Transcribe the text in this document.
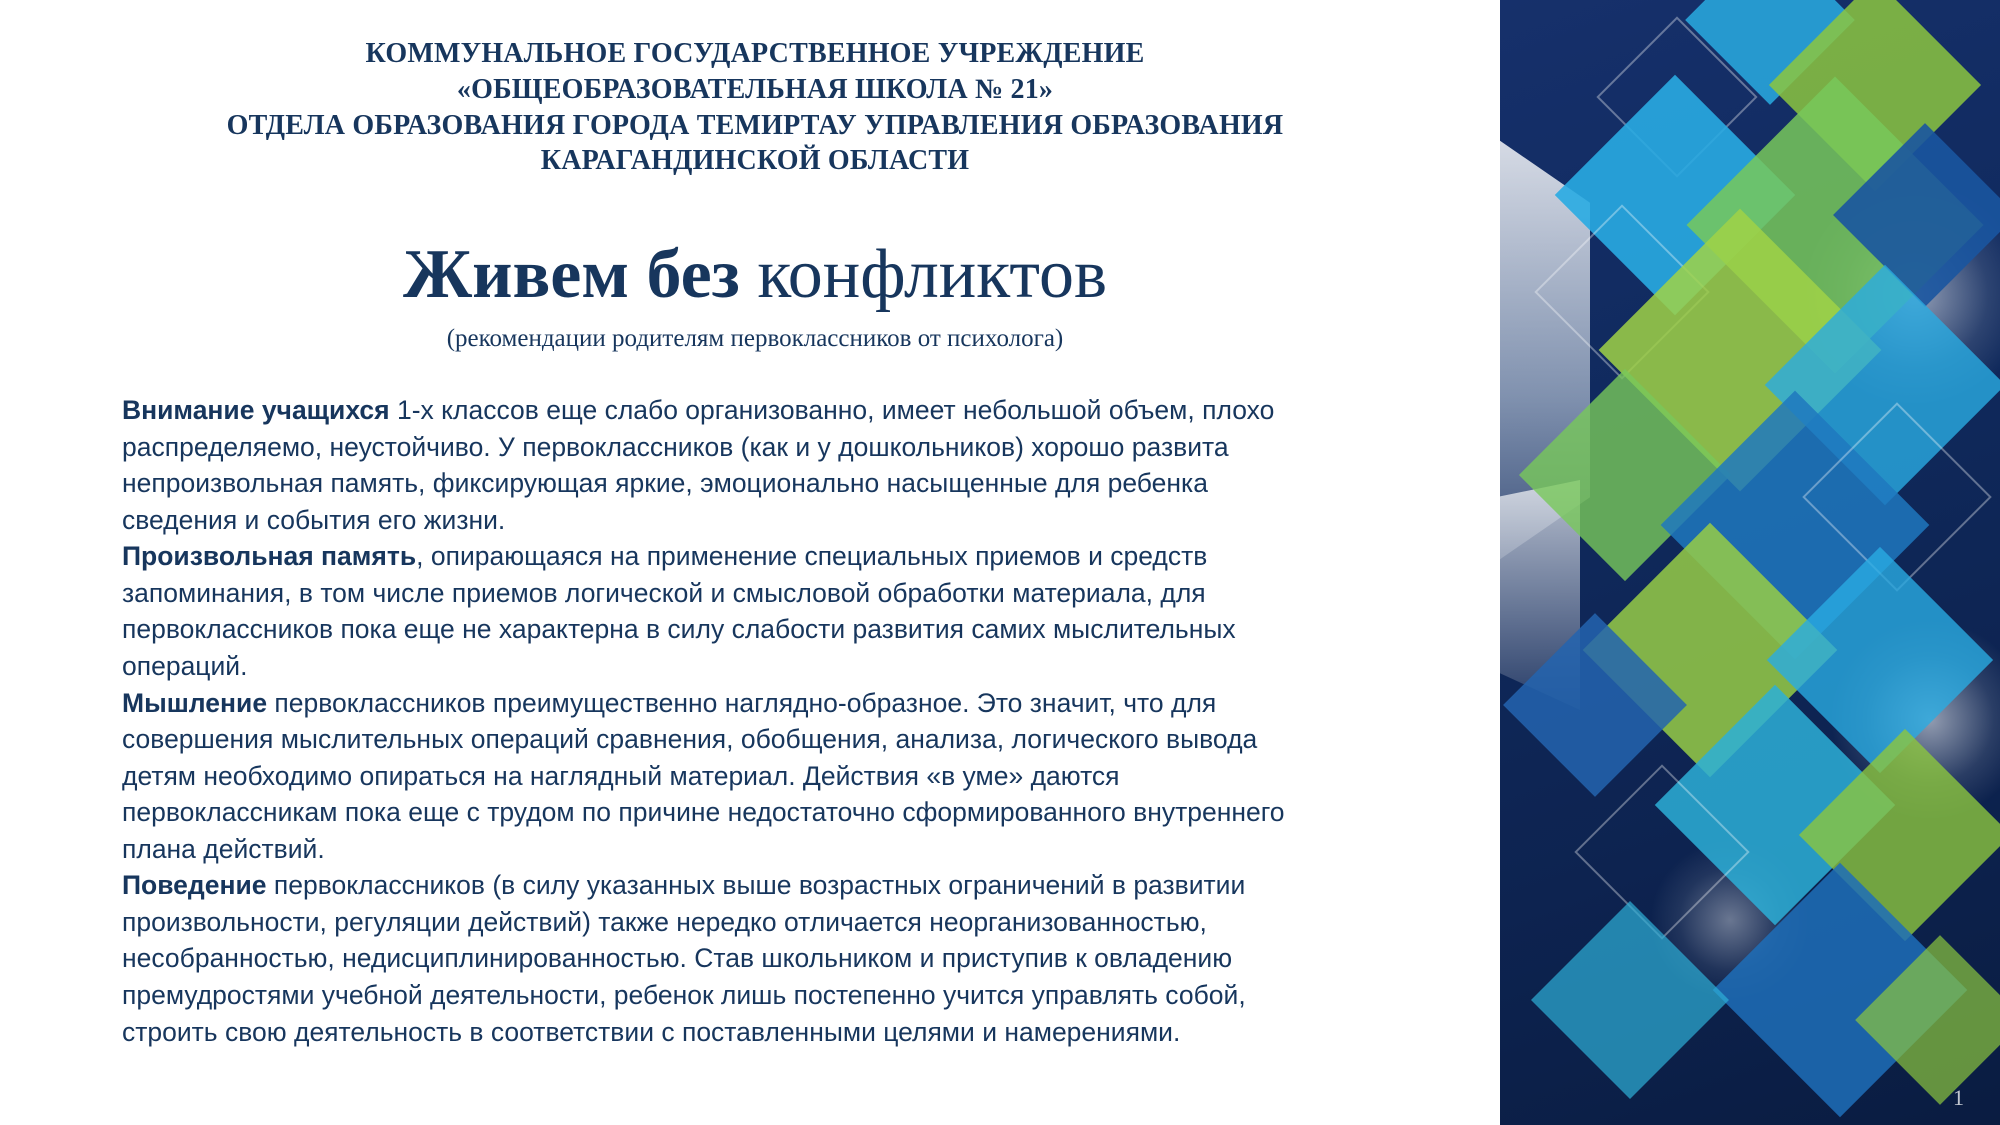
1
КОММУНАЛЬНОЕ ГОСУДАРСТВЕННОЕ УЧРЕЖДЕНИЕ
«ОБЩЕОБРАЗОВАТЕЛЬНАЯ ШКОЛА № 21»
ОТДЕЛА ОБРАЗОВАНИЯ ГОРОДА ТЕМИРТАУ УПРАВЛЕНИЯ ОБРАЗОВАНИЯ
КАРАГАНДИНСКОЙ ОБЛАСТИ
Живем без конфликтов
(рекомендации родителям первоклассников от психолога)

Внимание учащихся 1-х классов еще слабо организованно, имеет небольшой объем, плохо распределяемо, неустойчиво. У первоклассников (как и у дошкольников) хорошо развита непроизвольная память, фиксирующая яркие, эмоционально насыщенные для ребенка сведения и события его жизни.

Произвольная память, опирающаяся на применение специальных приемов и средств запоминания, в том числе приемов логической и смысловой обработки материала, для первоклассников пока еще не характерна в силу слабости развития самих мыслительных операций.

Мышление первоклассников преимущественно наглядно-образное. Это значит, что для совершения мыслительных операций сравнения, обобщения, анализа, логического вывода детям необходимо опираться на наглядный материал. Действия «в уме» даются первоклассникам пока еще с трудом по причине недостаточно сформированного внутреннего плана действий.

Поведение первоклассников (в силу указанных выше возрастных ограничений в развитии произвольности, регуляции действий) также нередко отличается неорганизованностью, несобранностью, недисциплинированностью. Став школьником и приступив к овладению премудростями учебной деятельности, ребенок лишь постепенно учится управлять собой, строить свою деятельность в соответствии с поставленными целями и намерениями.
